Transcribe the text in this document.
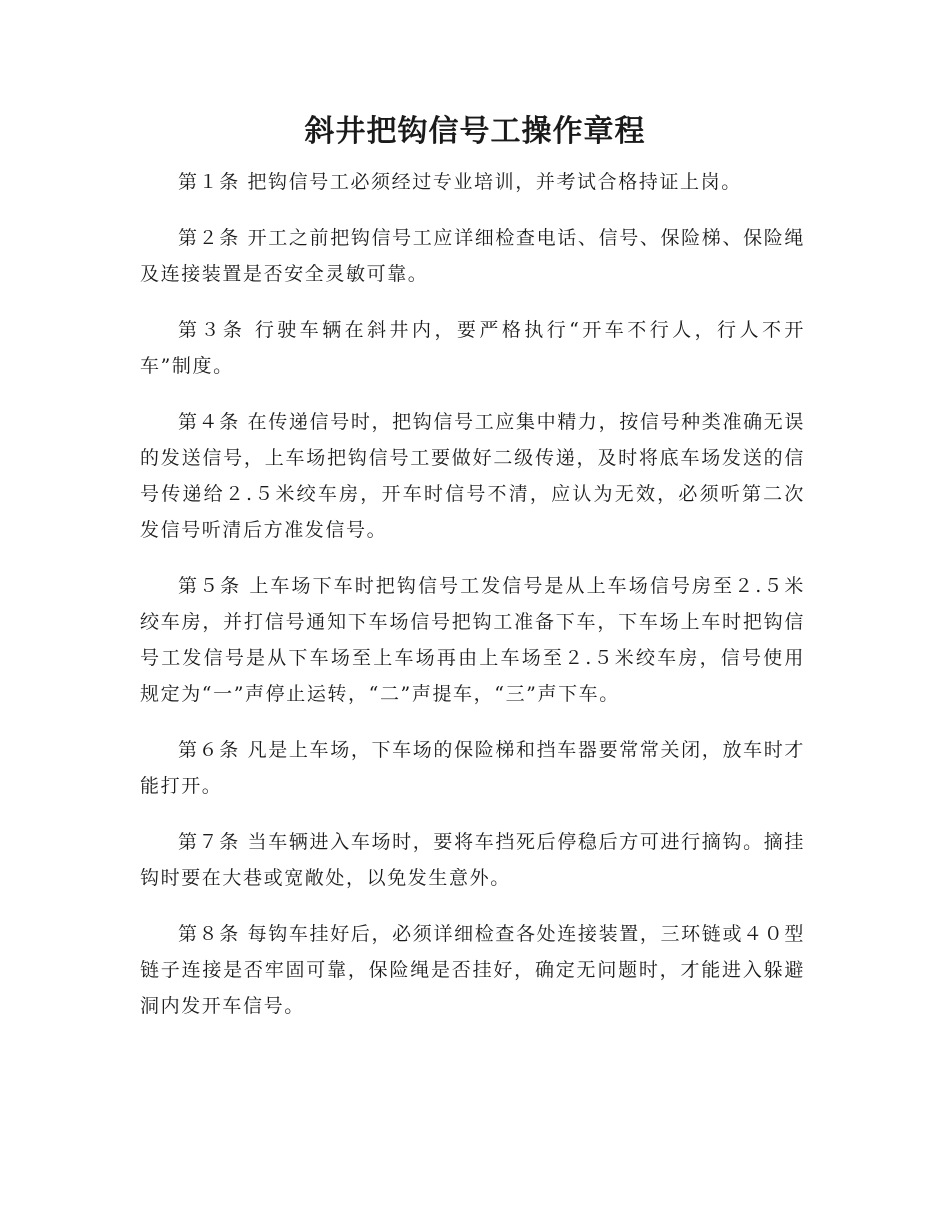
斜井把钩信号工操作章程

第１条 把钩信号工必须经过专业培训，并考试合格持证上岗。

第２条 开工之前把钩信号工应详细检查电话、信号、保险梯、保险绳及连接装置是否安全灵敏可靠。

第３条 行驶车辆在斜井内，要严格执行“开车不行人，行人不开车”制度。

第４条 在传递信号时，把钩信号工应集中精力，按信号种类准确无误的发送信号，上车场把钩信号工要做好二级传递，及时将底车场发送的信号传递给２.５米绞车房，开车时信号不清，应认为无效，必须听第二次发信号听清后方准发信号。

第５条 上车场下车时把钩信号工发信号是从上车场信号房至２.５米绞车房，并打信号通知下车场信号把钩工准备下车，下车场上车时把钩信号工发信号是从下车场至上车场再由上车场至２.５米绞车房，信号使用规定为“一”声停止运转，“二”声提车，“三”声下车。

第６条 凡是上车场，下车场的保险梯和挡车器要常常关闭，放车时才能打开。

第７条 当车辆进入车场时，要将车挡死后停稳后方可进行摘钩。摘挂钩时要在大巷或宽敞处，以免发生意外。

第８条 每钩车挂好后，必须详细检查各处连接装置，三环链或４０型链子连接是否牢固可靠，保险绳是否挂好，确定无问题时，才能进入躲避洞内发开车信号。
